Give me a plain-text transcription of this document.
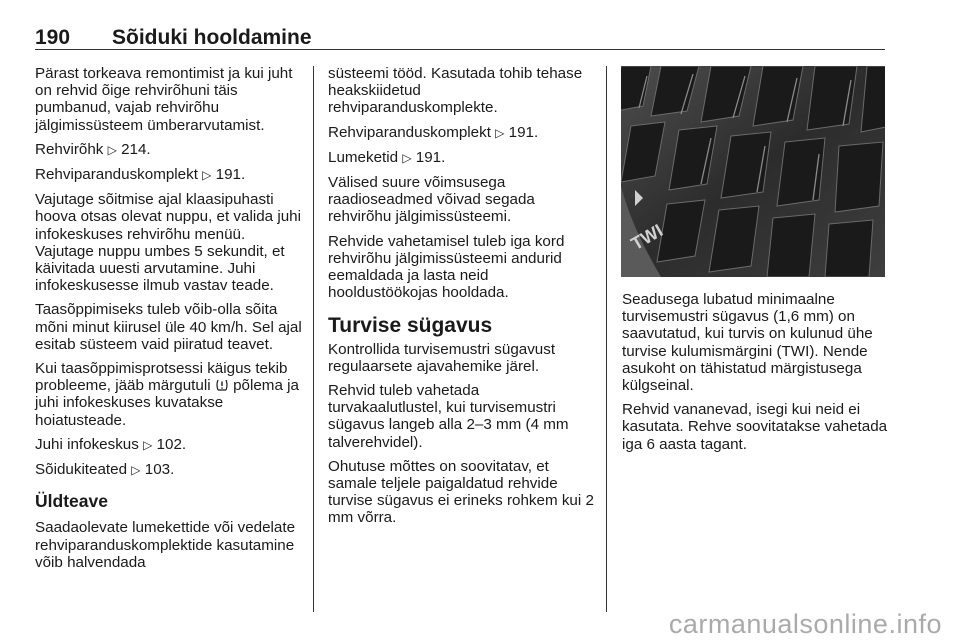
190 Sõiduki hooldamine

Pärast torkeava remontimist ja kui juht on rehvid õige rehvirõhuni täis pumbanud, vajab rehvirõhu jälgimissüsteem ümberarvutamist.

Rehvirõhk ▷ 214.

Rehviparanduskomplekt ▷ 191.

Vajutage sõitmise ajal klaasipuhasti hoova otsas olevat nuppu, et valida juhi infokeskuses rehvirõhu menüü. Vajutage nuppu umbes 5 sekundit, et käivitada uuesti arvutamine. Juhi infokeskusesse ilmub vastav teade.

Taasõppimiseks tuleb võib-olla sõita mõni minut kiirusel üle 40 km/h. Sel ajal esitab süsteem vaid piiratud teavet.

Kui taasõppimisprotsessi käigus tekib probleeme, jääb märgutuli põlema ja juhi infokeskuses kuvatakse hoiatusteade.

Juhi infokeskus ▷ 102.

Sõidukiteated ▷ 103.

Üldteave

Saadaolevate lumekettide või vedelate rehviparanduskomplektide kasutamine võib halvendada

süsteemi tööd. Kasutada tohib tehase heakskiidetud rehviparanduskomplekte.

Rehviparanduskomplekt ▷ 191.

Lumeketid ▷ 191.

Välised suure võimsusega raadioseadmed võivad segada rehvirõhu jälgimissüsteemi.

Rehvide vahetamisel tuleb iga kord rehvirõhu jälgimissüsteemi andurid eemaldada ja lasta neid hooldustöökojas hooldada.

Turvise sügavus

Kontrollida turvisemustri sügavust regulaarsete ajavahemike järel.

Rehvid tuleb vahetada turvakaalutlustel, kui turvisemustri sügavus langeb alla 2–3 mm (4 mm talverehvidel).

Ohutuse mõttes on soovitatav, et samale teljele paigaldatud rehvide turvise sügavus ei erineks rohkem kui 2 mm võrra.

TWI

Seadusega lubatud minimaalne turvisemustri sügavus (1,6 mm) on saavutatud, kui turvis on kulunud ühe turvise kulumismärgini (TWI). Nende asukoht on tähistatud märgistusega külgseinal.

Rehvid vananevad, isegi kui neid ei kasutata. Rehve soovitatakse vahetada iga 6 aasta tagant.

carmanualsonline.info
